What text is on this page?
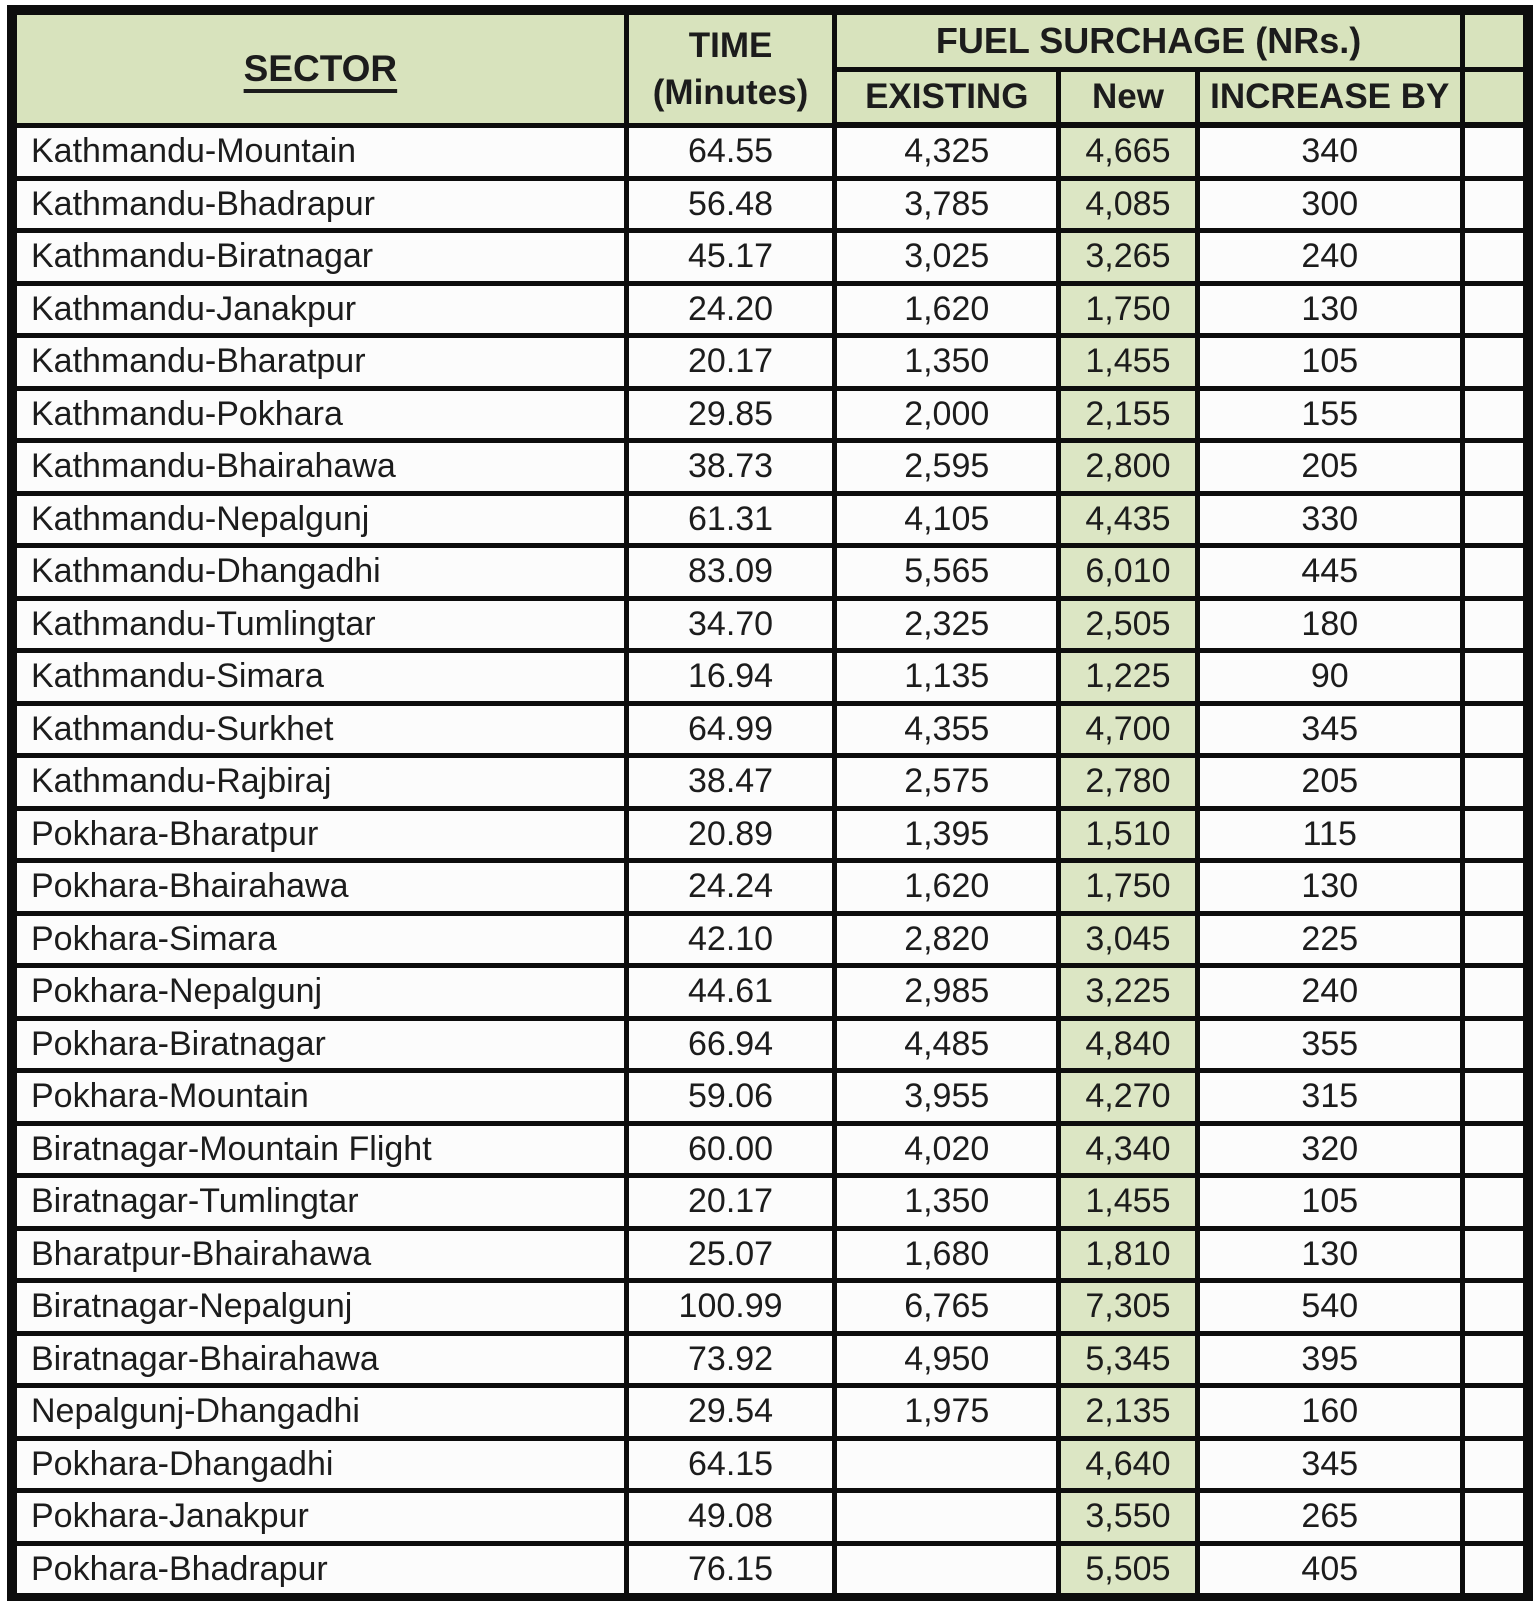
SECTOR	TIME
(Minutes)	FUEL SURCHAGE (NRs.)			
		EXISTING	New	INCREASE BY	
Kathmandu-Mountain	64.55	4,325	4,665	340	
Kathmandu-Bhadrapur	56.48	3,785	4,085	300	
Kathmandu-Biratnagar	45.17	3,025	3,265	240	
Kathmandu-Janakpur	24.20	1,620	1,750	130	
Kathmandu-Bharatpur	20.17	1,350	1,455	105	
Kathmandu-Pokhara	29.85	2,000	2,155	155	
Kathmandu-Bhairahawa	38.73	2,595	2,800	205	
Kathmandu-Nepalgunj	61.31	4,105	4,435	330	
Kathmandu-Dhangadhi	83.09	5,565	6,010	445	
Kathmandu-Tumlingtar	34.70	2,325	2,505	180	
Kathmandu-Simara	16.94	1,135	1,225	90	
Kathmandu-Surkhet	64.99	4,355	4,700	345	
Kathmandu-Rajbiraj	38.47	2,575	2,780	205	
Pokhara-Bharatpur	20.89	1,395	1,510	115	
Pokhara-Bhairahawa	24.24	1,620	1,750	130	
Pokhara-Simara	42.10	2,820	3,045	225	
Pokhara-Nepalgunj	44.61	2,985	3,225	240	
Pokhara-Biratnagar	66.94	4,485	4,840	355	
Pokhara-Mountain	59.06	3,955	4,270	315	
Biratnagar-Mountain Flight	60.00	4,020	4,340	320	
Biratnagar-Tumlingtar	20.17	1,350	1,455	105	
Bharatpur-Bhairahawa	25.07	1,680	1,810	130	
Biratnagar-Nepalgunj	100.99	6,765	7,305	540	
Biratnagar-Bhairahawa	73.92	4,950	5,345	395	
Nepalgunj-Dhangadhi	29.54	1,975	2,135	160	
Pokhara-Dhangadhi	64.15		4,640	345	
Pokhara-Janakpur	49.08		3,550	265	
Pokhara-Bhadrapur	76.15		5,505	405	
